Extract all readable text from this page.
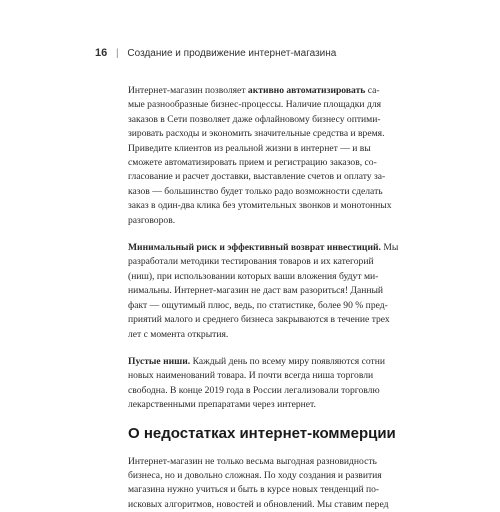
16 | Создание и продвижение интернет-магазина

Интернет-магазин позволяет активно автоматизировать са-
мые разнообразные бизнес-процессы. Наличие площадки для
заказов в Сети позволяет даже офлайновому бизнесу оптими-
зировать расходы и экономить значительные средства и время.
Приведите клиентов из реальной жизни в интернет — и вы
сможете автоматизировать прием и регистрацию заказов, со-
гласование и расчет доставки, выставление счетов и оплату за-
казов — большинство будет только радо возможности сделать
заказ в один-два клика без утомительных звонков и монотонных
разговоров.

Минимальный риск и эффективный возврат инвестиций. Мы
разработали методики тестирования товаров и их категорий
(ниш), при использовании которых ваши вложения будут ми-
нимальны. Интернет-магазин не даст вам разориться! Данный
факт — ощутимый плюс, ведь, по статистике, более 90 % пред-
приятий малого и среднего бизнеса закрываются в течение трех
лет с момента открытия.

Пустые ниши. Каждый день по всему миру появляются сотни
новых наименований товара. И почти всегда ниша торговли
свободна. В конце 2019 года в России легализовали торговлю
лекарственными препаратами через интернет.

О недостатках интернет-коммерции

Интернет-магазин не только весьма выгодная разновидность
бизнеса, но и довольно сложная. По ходу создания и развития
магазина нужно учиться и быть в курсе новых тенденций по-
исковых алгоритмов, новостей и обновлений. Мы ставим перед
